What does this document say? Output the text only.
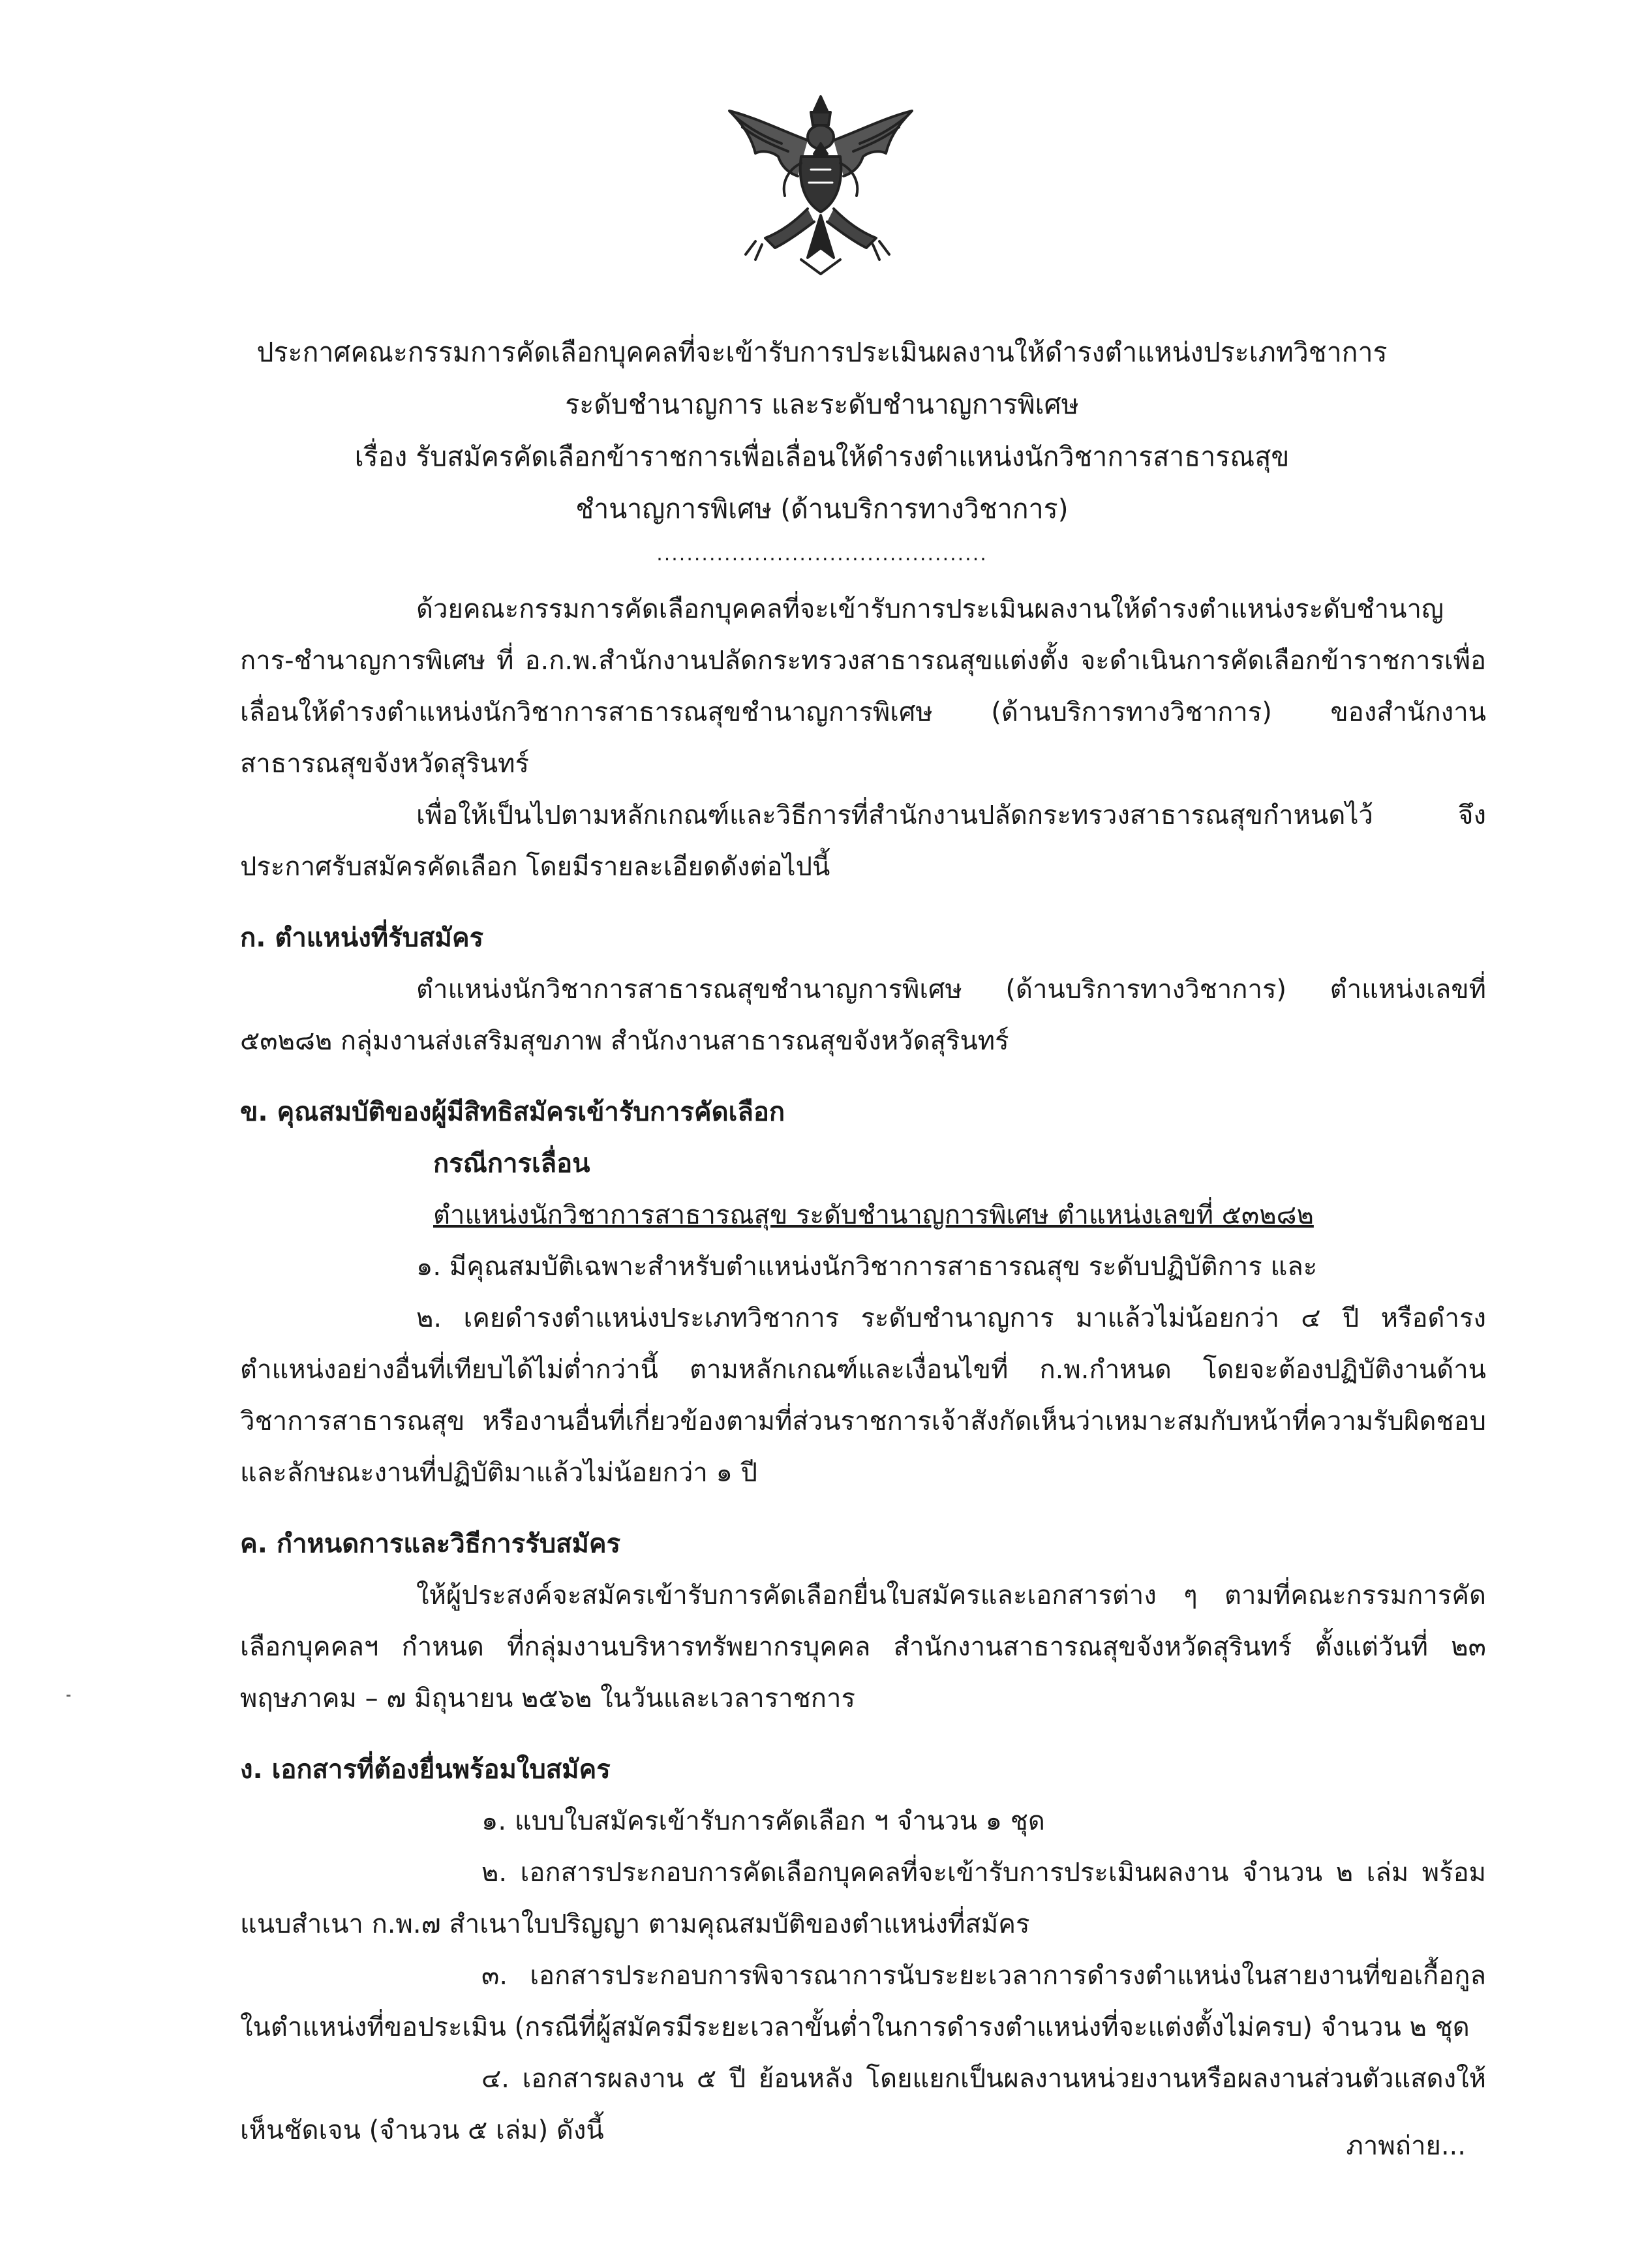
ประกาศคณะกรรมการคัดเลือกบุคคลที่จะเข้ารับการประเมินผลงานให้ดำรงตำแหน่งประเภทวิชาการ
ระดับชำนาญการ และระดับชำนาญการพิเศษ
เรื่อง รับสมัครคัดเลือกข้าราชการเพื่อเลื่อนให้ดำรงตำแหน่งนักวิชาการสาธารณสุข
ชำนาญการพิเศษ (ด้านบริการทางวิชาการ)
............................................

ด้วยคณะกรรมการคัดเลือกบุคคลที่จะเข้ารับการประเมินผลงานให้ดำรงตำแหน่งระดับชำนาญการ-ชำนาญการพิเศษ ที่ อ.ก.พ.สำนักงานปลัดกระทรวงสาธารณสุขแต่งตั้ง จะดำเนินการคัดเลือกข้าราชการเพื่อเลื่อนให้ดำรงตำแหน่งนักวิชาการสาธารณสุขชำนาญการพิเศษ (ด้านบริการทางวิชาการ) ของสำนักงานสาธารณสุขจังหวัดสุรินทร์

เพื่อให้เป็นไปตามหลักเกณฑ์และวิธีการที่สำนักงานปลัดกระทรวงสาธารณสุขกำหนดไว้ จึงประกาศรับสมัครคัดเลือก โดยมีรายละเอียดดังต่อไปนี้

ก. ตำแหน่งที่รับสมัคร

ตำแหน่งนักวิชาการสาธารณสุขชำนาญการพิเศษ (ด้านบริการทางวิชาการ) ตำแหน่งเลขที่ ๕๓๒๘๒ กลุ่มงานส่งเสริมสุขภาพ สำนักงานสาธารณสุขจังหวัดสุรินทร์

ข. คุณสมบัติของผู้มีสิทธิสมัครเข้ารับการคัดเลือก

กรณีการเลื่อน

ตำแหน่งนักวิชาการสาธารณสุข ระดับชำนาญการพิเศษ ตำแหน่งเลขที่ ๕๓๒๘๒

๑. มีคุณสมบัติเฉพาะสำหรับตำแหน่งนักวิชาการสาธารณสุข ระดับปฏิบัติการ และ

๒. เคยดำรงตำแหน่งประเภทวิชาการ ระดับชำนาญการ มาแล้วไม่น้อยกว่า ๔ ปี หรือดำรงตำแหน่งอย่างอื่นที่เทียบได้ไม่ต่ำกว่านี้ ตามหลักเกณฑ์และเงื่อนไขที่ ก.พ.กำหนด โดยจะต้องปฏิบัติงานด้านวิชาการสาธารณสุข หรืองานอื่นที่เกี่ยวข้องตามที่ส่วนราชการเจ้าสังกัดเห็นว่าเหมาะสมกับหน้าที่ความรับผิดชอบและลักษณะงานที่ปฏิบัติมาแล้วไม่น้อยกว่า ๑ ปี

ค. กำหนดการและวิธีการรับสมัคร

ให้ผู้ประสงค์จะสมัครเข้ารับการคัดเลือกยื่นใบสมัครและเอกสารต่าง ๆ ตามที่คณะกรรมการคัดเลือกบุคคลฯ กำหนด ที่กลุ่มงานบริหารทรัพยากรบุคคล สำนักงานสาธารณสุขจังหวัดสุรินทร์ ตั้งแต่วันที่ ๒๓ พฤษภาคม – ๗ มิถุนายน ๒๕๖๒ ในวันและเวลาราชการ

ง. เอกสารที่ต้องยื่นพร้อมใบสมัคร

๑. แบบใบสมัครเข้ารับการคัดเลือก ฯ จำนวน ๑ ชุด

๒. เอกสารประกอบการคัดเลือกบุคคลที่จะเข้ารับการประเมินผลงาน จำนวน ๒ เล่ม พร้อมแนบสำเนา ก.พ.๗ สำเนาใบปริญญา ตามคุณสมบัติของตำแหน่งที่สมัคร

๓. เอกสารประกอบการพิจารณาการนับระยะเวลาการดำรงตำแหน่งในสายงานที่ขอเกื้อกูลในตำแหน่งที่ขอประเมิน (กรณีที่ผู้สมัครมีระยะเวลาขั้นต่ำในการดำรงตำแหน่งที่จะแต่งตั้งไม่ครบ) จำนวน ๒ ชุด

๔. เอกสารผลงาน ๕ ปี ย้อนหลัง โดยแยกเป็นผลงานหน่วยงานหรือผลงานส่วนตัวแสดงให้เห็นชัดเจน (จำนวน ๕ เล่ม) ดังนี้

ภาพถ่าย...
